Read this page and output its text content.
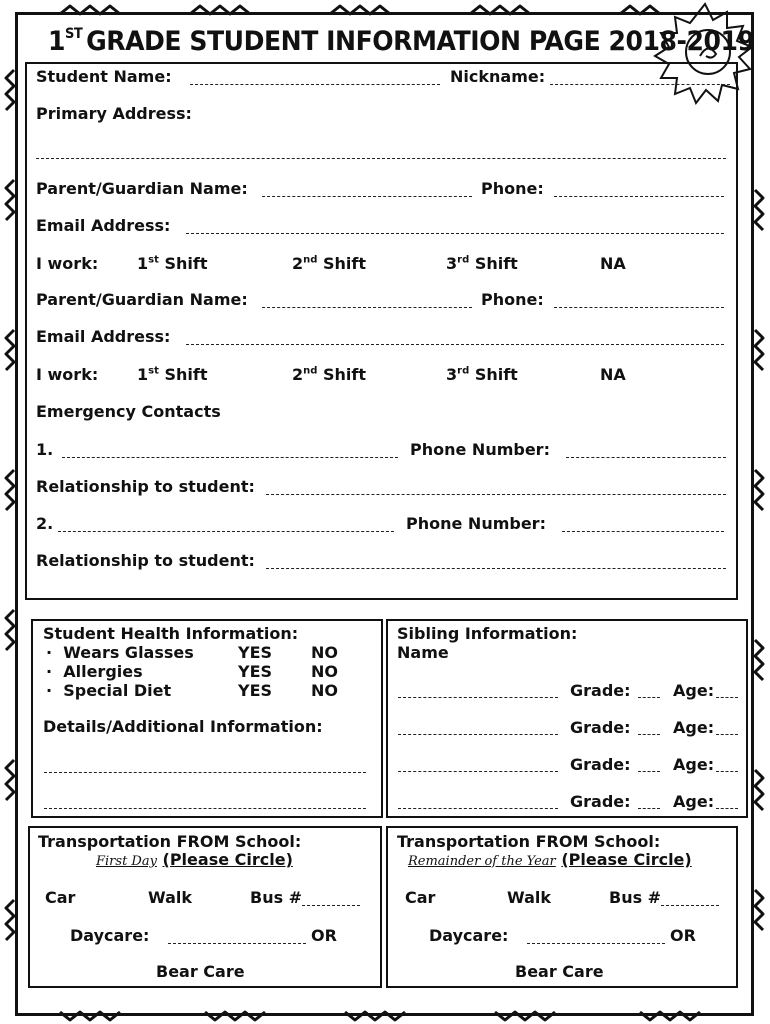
1ST GRADE STUDENT INFORMATION PAGE 2018-2019
Student Name:	Nickname:
Primary Address:
Parent/Guardian Name:	Phone:
Email Address:
I work: 1st Shift	2nd Shift	3rd Shift	NA
Parent/Guardian Name:	Phone:
Email Address:
I work: 1st Shift	2nd Shift	3rd Shift	NA
Emergency Contacts
1.	Phone Number:
Relationship to student:
2.	Phone Number:
Relationship to student:
Student Health Information:
·  Wears Glasses	YES NO
·  Allergies	YES NO
·  Special Diet	YES NO
Details/Additional Information:
Sibling Information:
Name
Grade:	Age:
Grade:	Age:
Grade:	Age:
Grade:	Age:
Transportation FROM School:
First Day (Please Circle)
Car	Walk	Bus #
Daycare:	OR
Bear Care
Transportation FROM School:
Remainder of the Year (Please Circle)
Car	Walk	Bus #
Daycare:	OR
Bear Care
